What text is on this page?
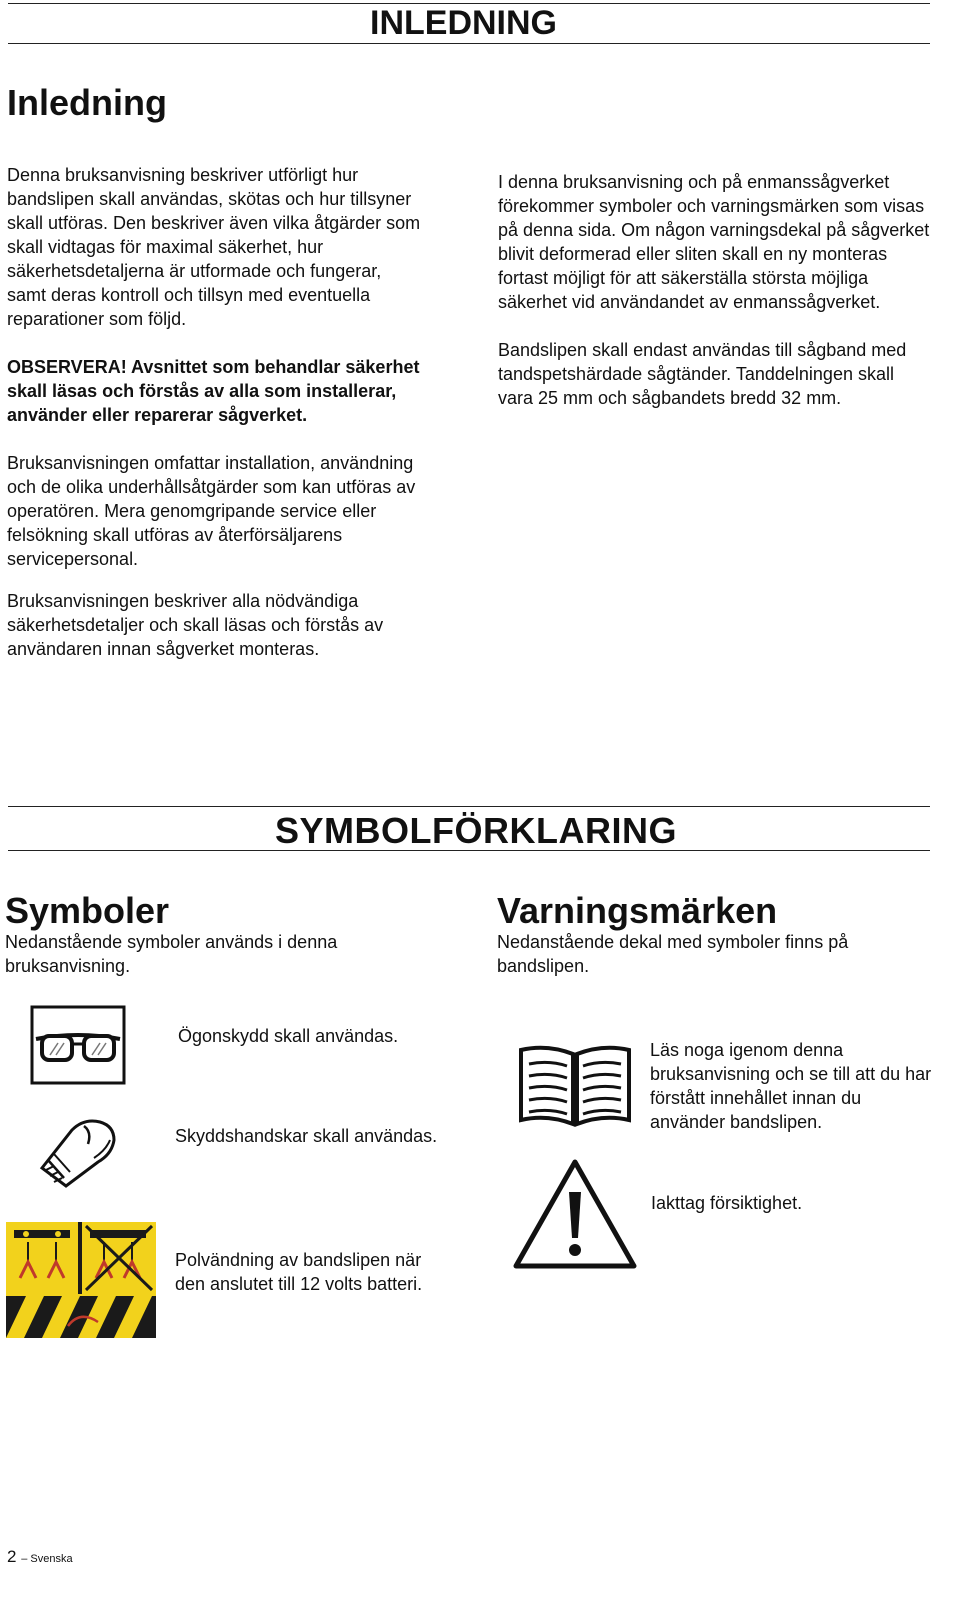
INLEDNING
Inledning

Denna bruksanvisning beskriver utförligt hur bandslipen skall användas, skötas och hur tillsyner skall utföras. Den beskriver även vilka åtgärder som skall vidtagas för maximal säkerhet, hur säkerhetsdetaljerna är utformade och fungerar, samt deras kontroll och tillsyn med eventuella reparationer som följd.

OBSERVERA! Avsnittet som behandlar säkerhet skall läsas och förstås av alla som installerar, använder eller reparerar sågverket.

Bruksanvisningen omfattar installation, användning och de olika underhållsåtgärder som kan utföras av operatören. Mera genomgripande service eller felsökning skall utföras av återförsäljarens servicepersonal.

Bruksanvisningen beskriver alla nödvändiga säkerhetsdetaljer och skall läsas och förstås av användaren innan sågverket monteras.

I denna bruksanvisning och på enmanssågverket förekommer symboler och varningsmärken som visas på denna sida. Om någon varningsdekal på sågverket blivit deformerad eller sliten skall en ny monteras fortast möjligt för att säkerställa största möjliga säkerhet vid användandet av enmanssågverket.

Bandslipen skall endast användas till sågband med tandspetshärdade sågtänder. Tanddelningen skall vara 25 mm och sågbandets bredd 32 mm.

SYMBOLFÖRKLARING
Symboler

Nedanstående symboler används i denna bruksanvisning.

Varningsmärken

Nedanstående dekal med symboler finns på bandslipen.

Ögonskydd skall användas.

Skyddshandskar skall användas.

Polvändning av bandslipen när den anslutet till 12 volts batteri.

Läs noga igenom denna bruksanvisning och se till att du har förstått innehållet innan du använder bandslipen.

Iakttag försiktighet.

2 – Svenska
